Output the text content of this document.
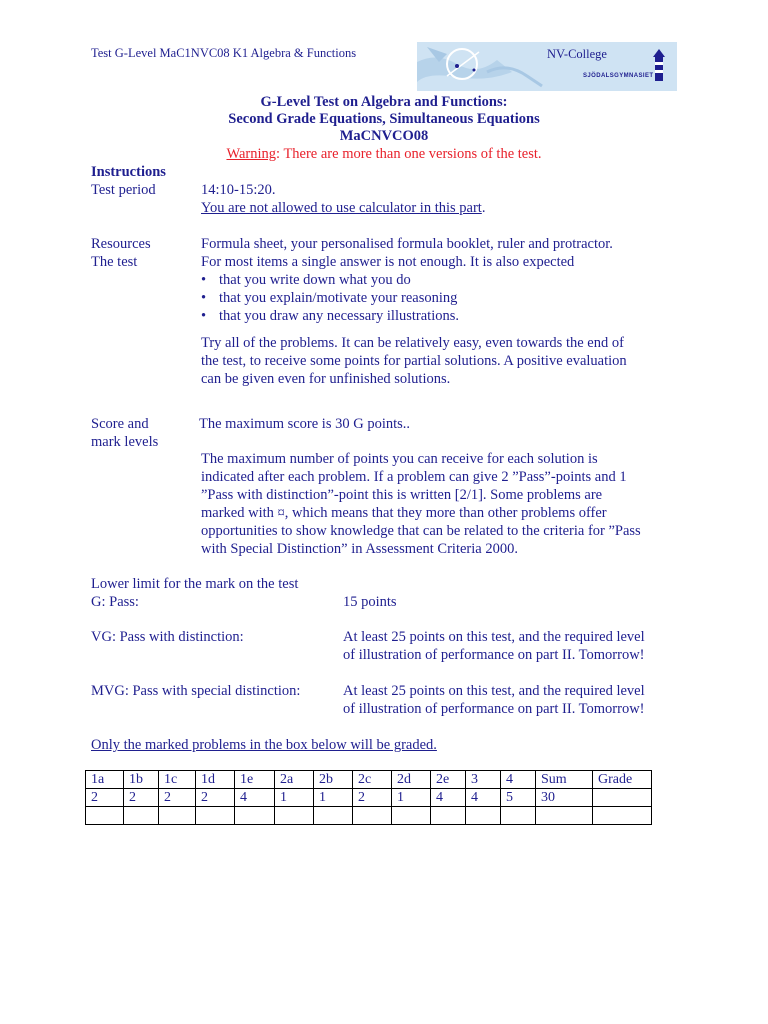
Test G-Level MaC1NVC08 K1 Algebra & Functions	NV-College
SJÖDALSGYMNASIET
G-Level Test on Algebra and Functions:
Second Grade Equations, Simultaneous Equations
MaCNVCO08
Warning: There are more than one versions of the test.
Instructions
Test period	14:10-15:20.
You are not allowed to use calculator in this part.
Resources	Formula sheet, your personalised formula booklet, ruler and protractor.
The test	For most items a single answer is not enough. It is also expected
• that you write down what you do
• that you explain/motivate your reasoning
• that you draw any necessary illustrations.
Try all of the problems. It can be relatively easy, even towards the end of
the test, to receive some points for partial solutions. A positive evaluation
can be given even for unfinished solutions.
Score and
mark levels
The maximum score is 30 G points..
The maximum number of points you can receive for each solution is
indicated after each problem. If a problem can give 2 ”Pass”-points and 1
”Pass with distinction”-point this is written [2/1]. Some problems are
marked with ¤, which means that they more than other problems offer
opportunities to show knowledge that can be related to the criteria for ”Pass
with Special Distinction” in Assessment Criteria 2000.
Lower limit for the mark on the test
G: Pass:	15 points
VG: Pass with distinction:	At least 25 points on this test, and the required level
of illustration of performance on part II. Tomorrow!
MVG: Pass with special distinction:	At least 25 points on this test, and the required level
of illustration of performance on part II. Tomorrow!
Only the marked problems in the box below will be graded.
1a	1b	1c	1d	1e	2a	2b	2c	2d	2e	3	4	Sum	Grade
2	2	2	2	4	1	1	2	1	4	4	5	30	
